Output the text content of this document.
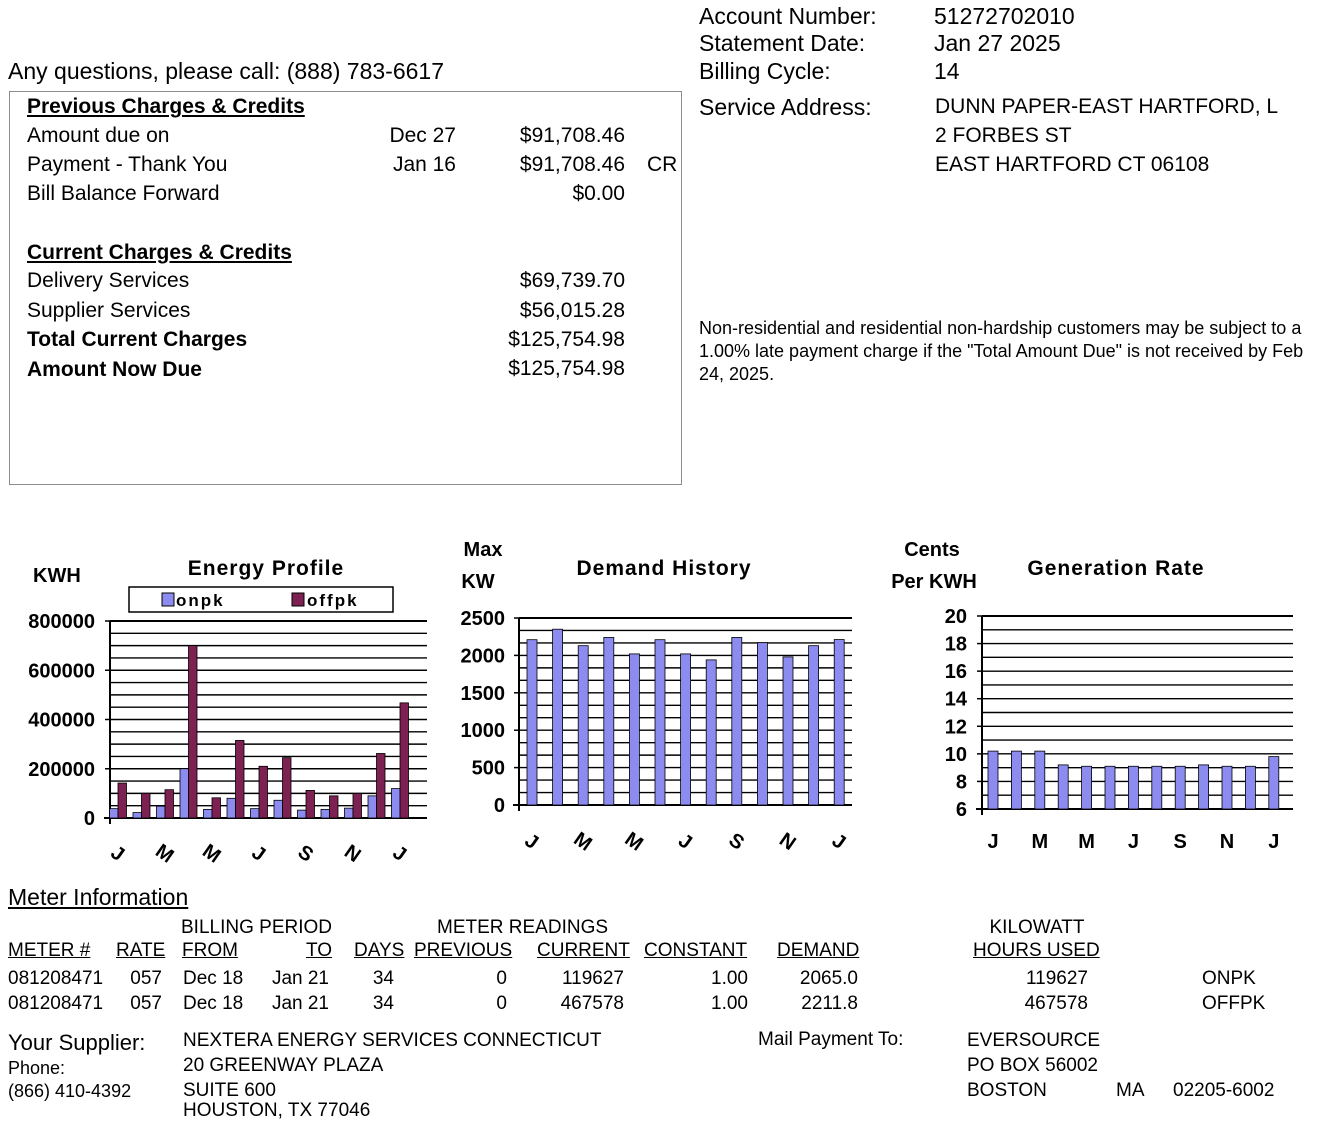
Any questions, please call: (888) 783-6617
Account Number: 51272702010
Statement Date:	Jan 27 2025
Billing Cycle:	14
Service Address:	DUNN PAPER-EAST HARTFORD, L
2 FORBES ST
EAST HARTFORD CT 06108
Previous Charges & Credits
Amount due on	Dec 27	$91,708.46
Payment - Thank You	Jan 16	$91,708.46 CR
Bill Balance Forward	$0.00
Current Charges & Credits
Delivery Services	$69,739.70
Supplier Services	$56,015.28
Total Current Charges	$125,754.98
Amount Now Due	$125,754.98
Non-residential and residential non-hardship customers may be subject to a 1.00% late payment charge if the "Total Amount Due" is not received by Feb 24, 2025.
KWH	Energy Profile
onpk	offpk
800000
600000
400000
200000
0
J M M J S N J
Max
KW
Demand History
2500
2000
1500
1000
500
0
J M M J S N J
Cents
Per KWH
Generation Rate
20
18
16
14
12
10
8
6
J M M J S N J
Meter Information
BILLING PERIOD	METER READINGS	KILOWATT
METER # RATE FROM	TO DAYS PREVIOUS CURRENT CONSTANT DEMAND	HOURS USED
081208471	057 Dec 18	Jan 21	34	0	119627	1.00	2065.0	119627	ONPK
081208471	057 Dec 18	Jan 21	34	0	467578	1.00	2211.8	467578	OFFPK
Your Supplier:
Phone:
(866) 410-4392
NEXTERA ENERGY SERVICES CONNECTICUT
20 GREENWAY PLAZA
SUITE 600
HOUSTON, TX 77046
Mail Payment To:	EVERSOURCE
PO BOX 56002
BOSTON	MA 02205-6002
